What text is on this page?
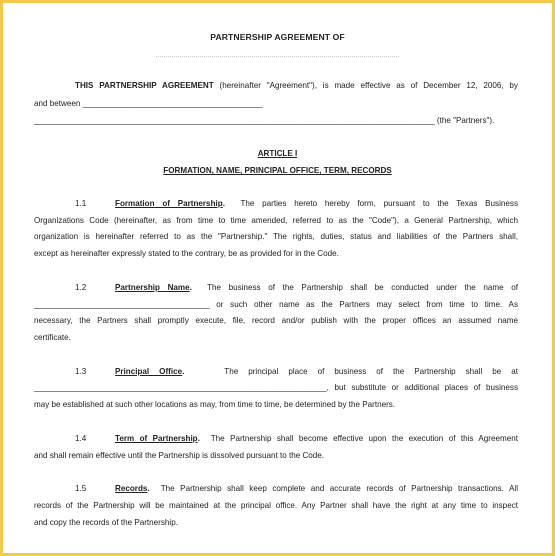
PARTNERSHIP AGREEMENT OF
THIS PARTNERSHIP AGREEMENT (hereinafter "Agreement"), is made effective as of December 12, 2006, by
and between ________________________________________
_________________________________________________________________________________________ (the "Partners").
ARTICLE I
FORMATION, NAME, PRINCIPAL OFFICE, TERM, RECORDS
1.1	Formation of Partnership. The parties hereto hereby form, pursuant to the Texas Business
Organizations Code (hereinafter, as from time to time amended, referred to as the "Code"), a General Partnership, which
organization is hereinafter referred to as the "Partnership." The rights, duties, status and liabilities of the Partners shall,
except as hereinafter expressly stated to the contrary, be as provided for in the Code.
1.2	Partnership Name. The business of the Partnership shall be conducted under the name of
_______________________________________ or such other name as the Partners may select from time to time. As
necessary, the Partners shall promptly execute, file, record and/or publish with the proper offices an assumed name
certificate.
1.3	Principal Office.	The principal place of business of the Partnership shall be at
_________________________________________________________________, but substitute or additional places of business
may be established at such other locations as may, from time to time, be determined by the Partners.
1.4	Term of Partnership. The Partnership shall become effective upon the execution of this Agreement
and shall remain effective until the Partnership is dissolved pursuant to the Code.
1.5	Records. The Partnership shall keep complete and accurate records of Partnership transactions. All
records of the Partnership will be maintained at the principal office. Any Partner shall have the right at any time to inspect
and copy the records of the Partnership.
